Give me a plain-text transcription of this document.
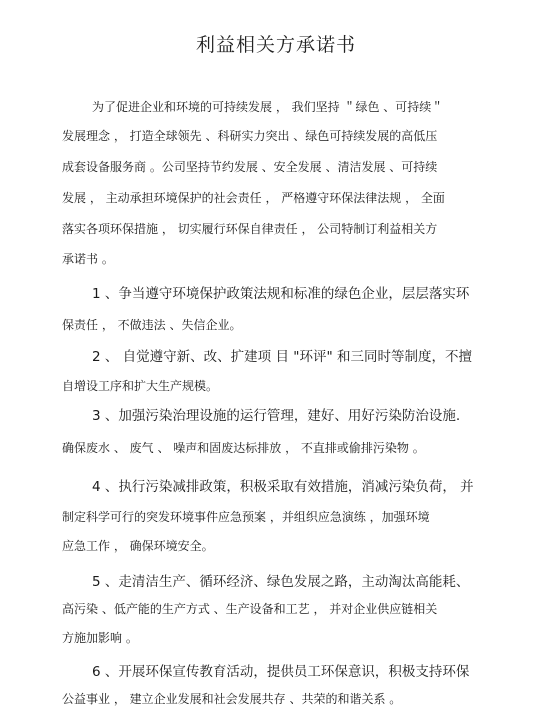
利益相关方承诺书
为了促进企业和环境的可持续发展 ， 我们坚持 ＂绿色 、可持续＂
发展理念 ， 打造全球领先 、科研实力突出 、绿色可持续发展的高低压
成套设备服务商 。公司坚持节约发展 、安全发展 、清洁发展 、可持续
发展 ， 主动承担环境保护的社会责任 ， 严格遵守环保法律法规 ， 全面
落实各项环保措施 ， 切实履行环保自律责任 ， 公司特制订利益相关方
承诺书 。
1 、争当遵守环境保护政策法规和标准的绿色企业，层层落实环
保责任 ， 不做违法 、失信企业。
2 、 自觉遵守新、改、扩建项 目 "环评" 和三同时等制度，不擅
自增设工序和扩大生产规模。
3 、加强污染治理设施的运行管理，建好、用好污染防治设施.
确保废水 、 废气 、 噪声和固废达标排放 ， 不直排或偷排污染物 。
4 、执行污染减排政策，积极采取有效措施，消减污染负荷， 并
制定科学可行的突发环境事件应急预案 ，并组织应急演练 ，加强环境
应急工作 ， 确保环境安全。
5 、走清洁生产、循环经济、绿色发展之路，主动淘汰高能耗、
高污染 、低产能的生产方式 、生产设备和工艺 ， 并对企业供应链相关
方施加影响 。
6 、开展环保宣传教育活动，提供员工环保意识，积极支持环保
公益事业 ， 建立企业发展和社会发展共存 、共荣的和谐关系 。
